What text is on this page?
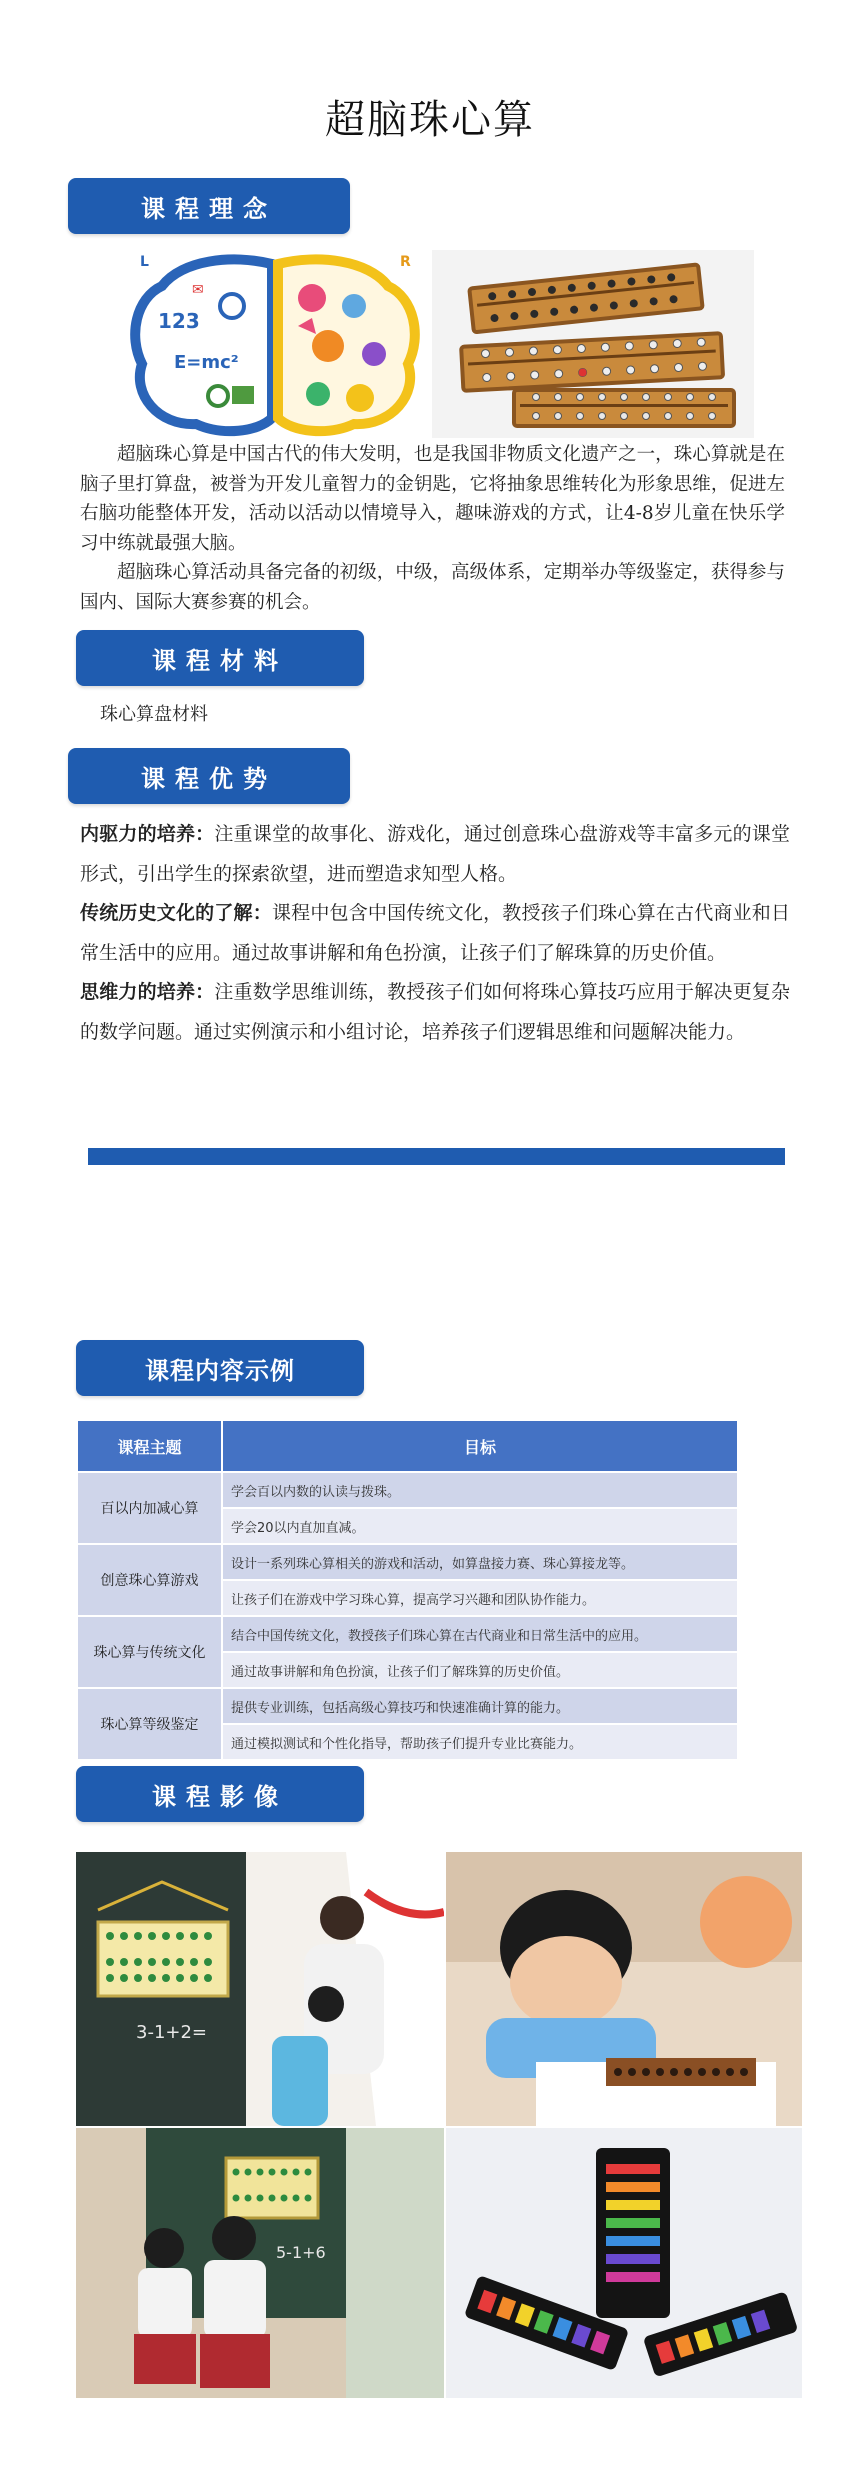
超脑珠心算
课程理念
L	R
123
E=mc²
✉

超脑珠心算是中国古代的伟大发明，也是我国非物质文化遗产之一，珠心算就是在脑子里打算盘，被誉为开发儿童智力的金钥匙，它将抽象思维转化为形象思维，促进左右脑功能整体开发，活动以活动以情境导入，趣味游戏的方式，让4-8岁儿童在快乐学习中练就最强大脑。

超脑珠心算活动具备完备的初级，中级，高级体系，定期举办等级鉴定，获得参与国内、国际大赛参赛的机会。

课程材料
珠心算盘材料
课程优势

内驱力的培养：注重课堂的故事化、游戏化，通过创意珠心盘游戏等丰富多元的课堂形式，引出学生的探索欲望，进而塑造求知型人格。

传统历史文化的了解：课程中包含中国传统文化，教授孩子们珠心算在古代商业和日常生活中的应用。通过故事讲解和角色扮演，让孩子们了解珠算的历史价值。

思维力的培养：注重数学思维训练，教授孩子们如何将珠心算技巧应用于解决更复杂的数学问题。通过实例演示和小组讨论，培养孩子们逻辑思维和问题解决能力。

课程内容示例
课程主题	目标
百以内加减心算	学会百以内数的认读与拨珠。
	学会20以内直加直减。
创意珠心算游戏	设计一系列珠心算相关的游戏和活动，如算盘接力赛、珠心算接龙等。
	让孩子们在游戏中学习珠心算，提高学习兴趣和团队协作能力。
珠心算与传统文化	结合中国传统文化，教授孩子们珠心算在古代商业和日常生活中的应用。
	通过故事讲解和角色扮演，让孩子们了解珠算的历史价值。
珠心算等级鉴定	提供专业训练，包括高级心算技巧和快速准确计算的能力。
	通过模拟测试和个性化指导，帮助孩子们提升专业比赛能力。
课程影像
3-1+2=
5-1+6
